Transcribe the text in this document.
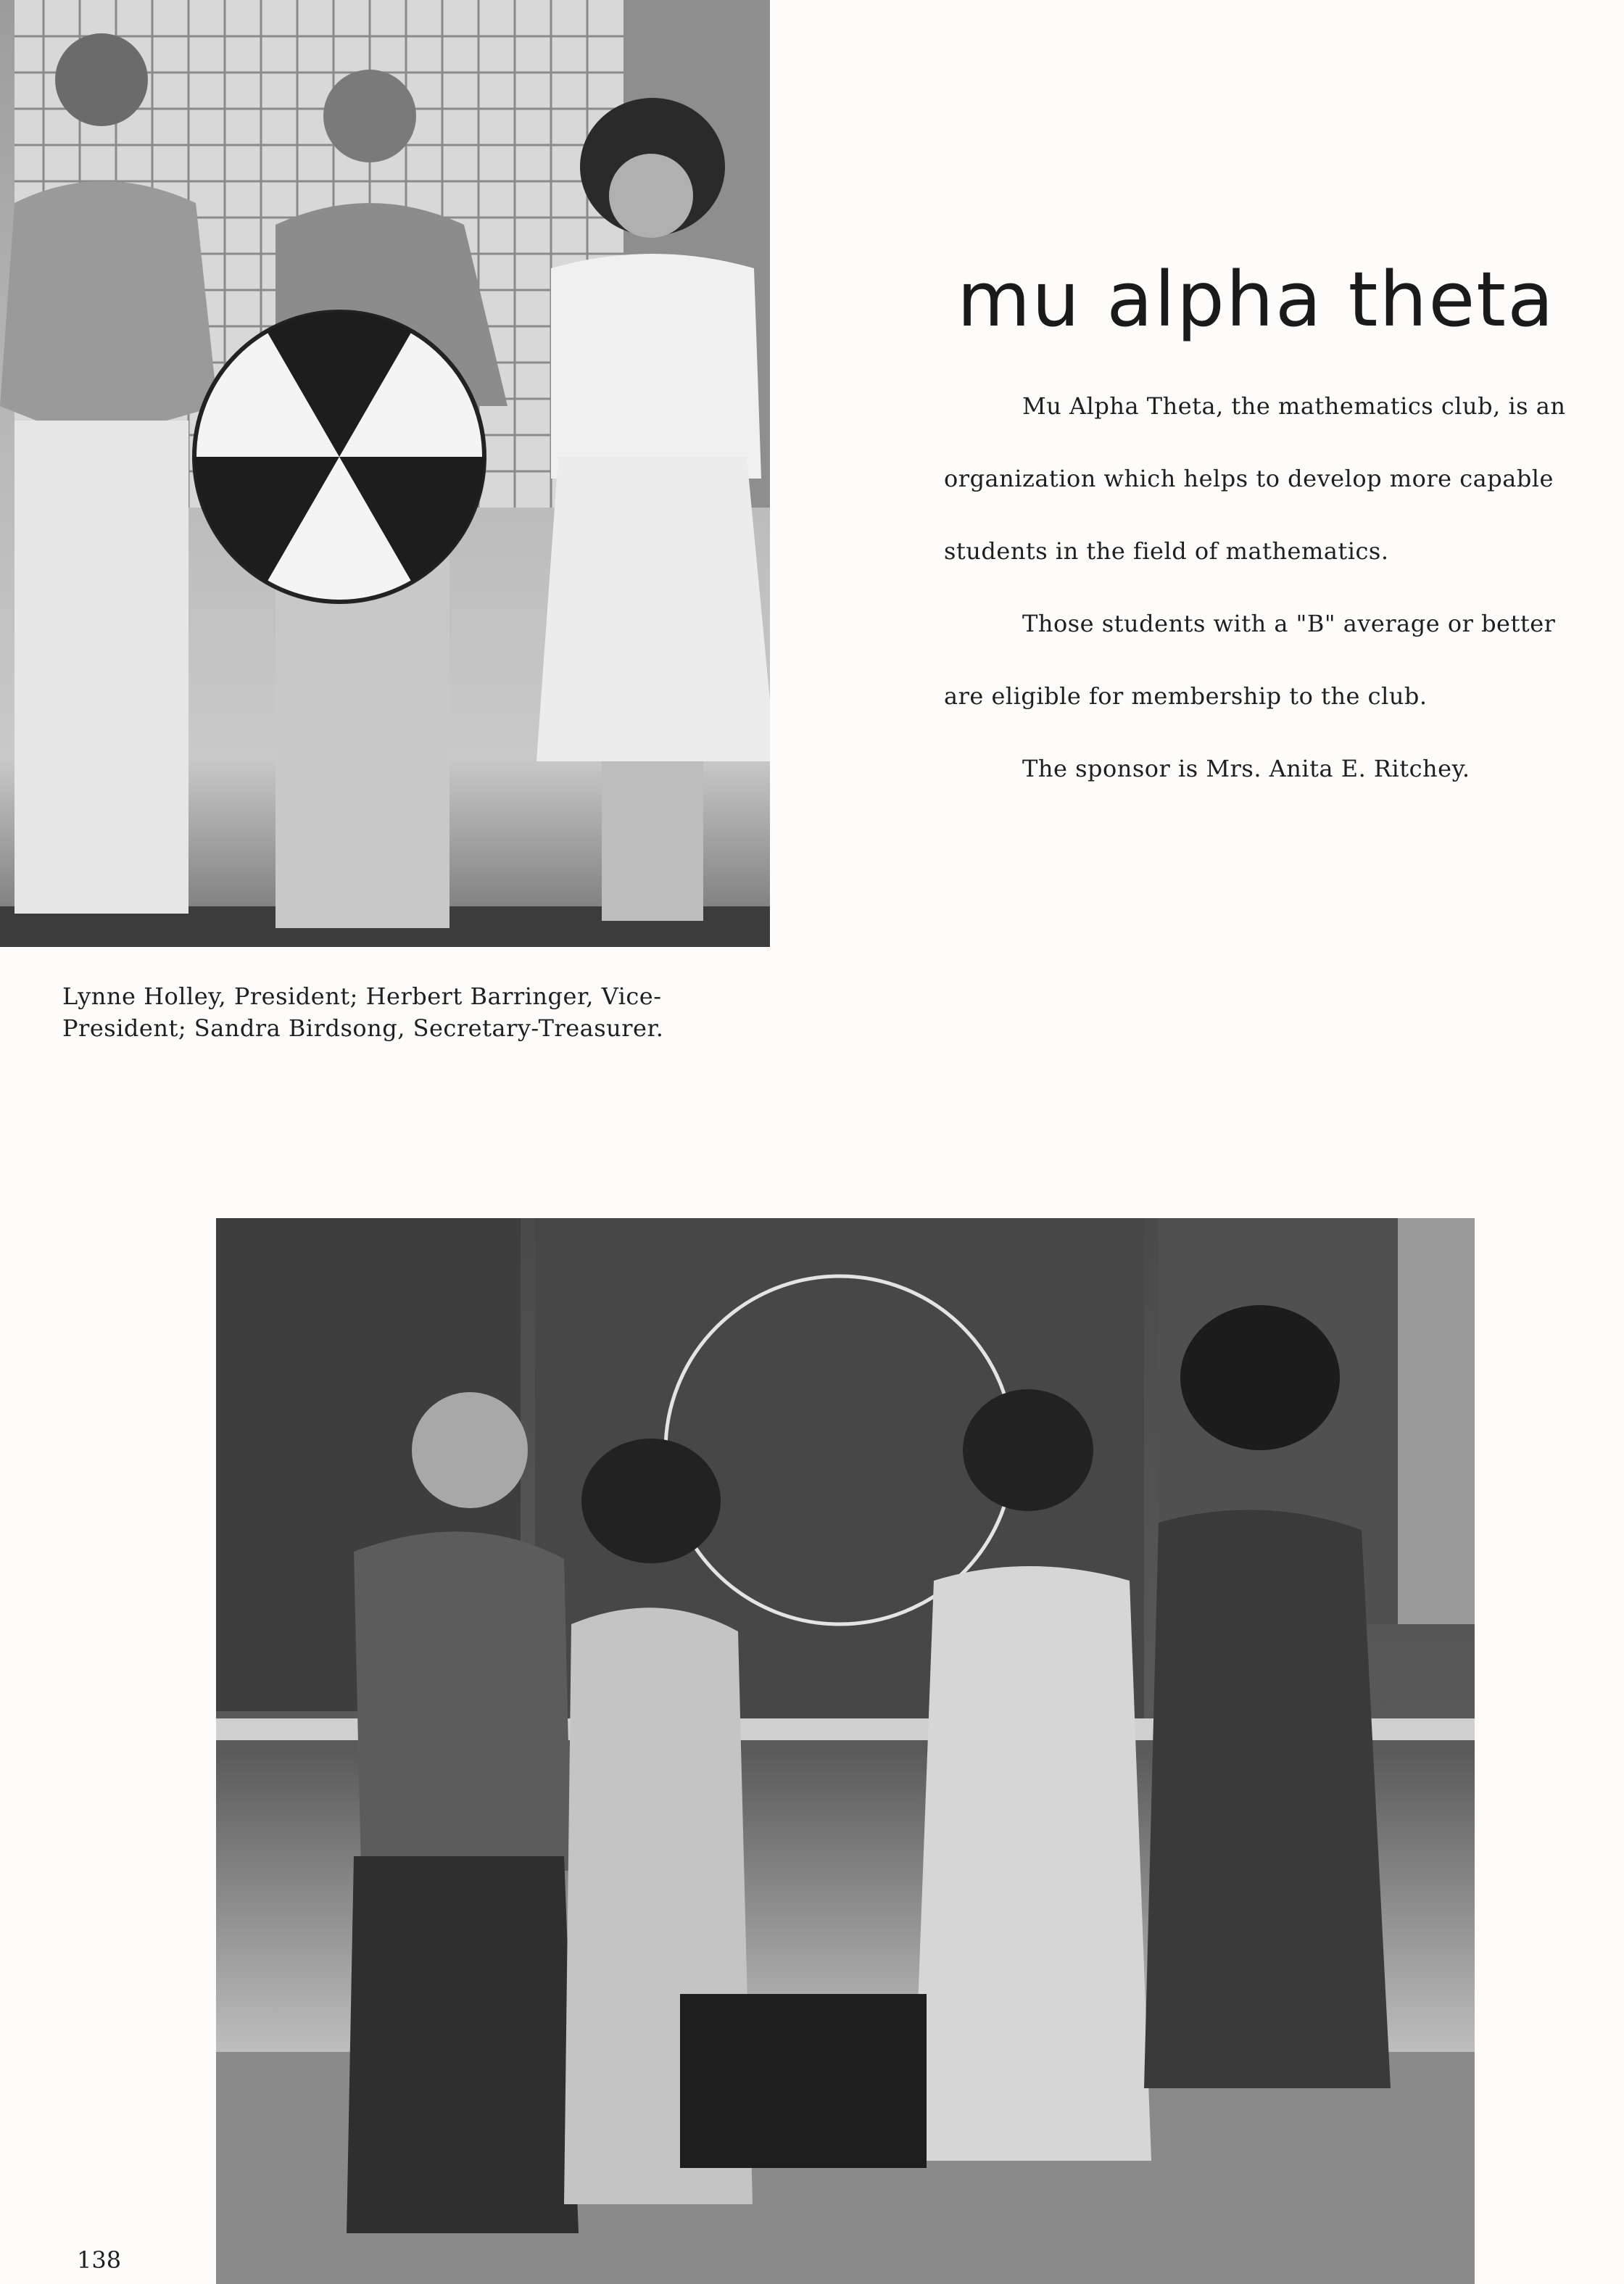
mu alpha theta

Mu Alpha Theta, the mathematics club, is an organization which helps to develop more capable students in the field of mathematics.

Those students with a "B" average or better are eligible for membership to the club.

The sponsor is Mrs. Anita E. Ritchey.

Lynne Holley, President; Herbert Barringer, Vice-President; Sandra Birdsong, Secretary-Treasurer.

138
